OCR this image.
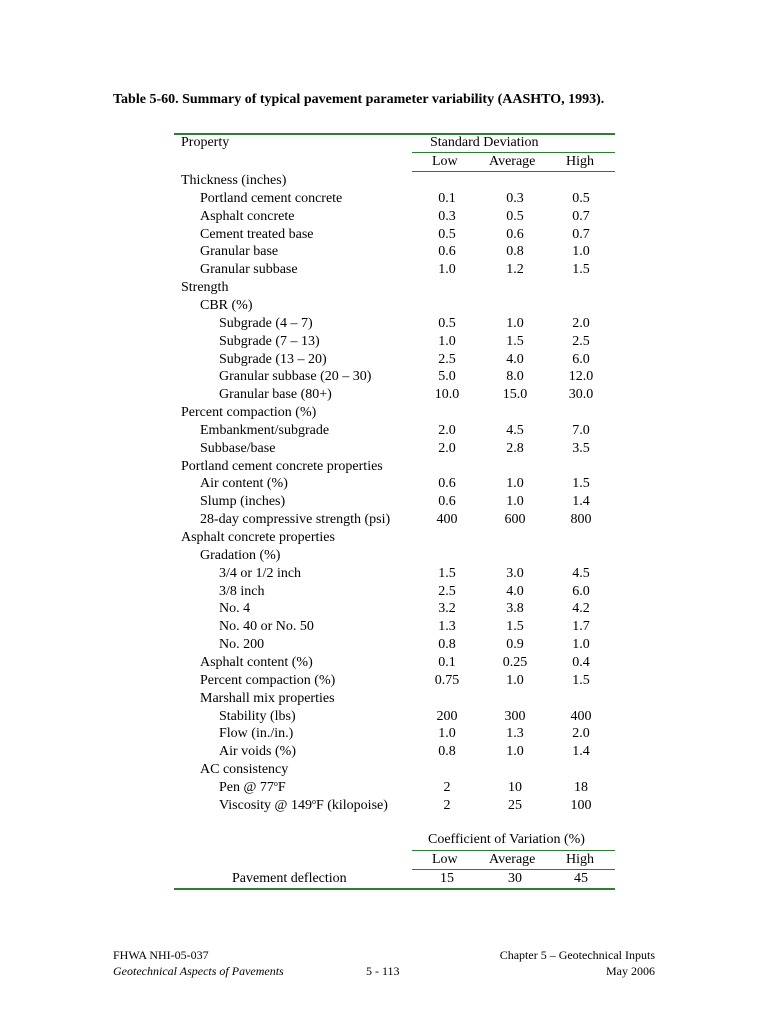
Table 5-60. Summary of typical pavement parameter variability (AASHTO, 1993).
Property	Standard Deviation
Low Average High
Thickness (inches)
Portland cement concrete	0.1	0.3	0.5
Asphalt concrete	0.3	0.5	0.7
Cement treated base	0.5	0.6	0.7
Granular base	0.6	0.8	1.0
Granular subbase	1.0	1.2	1.5
Strength
CBR (%)
Subgrade (4 – 7)	0.5	1.0	2.0
Subgrade (7 – 13)	1.0	1.5	2.5
Subgrade (13 – 20)	2.5	4.0	6.0
Granular subbase (20 – 30)	5.0	8.0	12.0
Granular base (80+)	10.0	15.0	30.0
Percent compaction (%)
Embankment/subgrade	2.0	4.5	7.0
Subbase/base	2.0	2.8	3.5
Portland cement concrete properties
Air content (%)	0.6	1.0	1.5
Slump (inches)	0.6	1.0	1.4
28-day compressive strength (psi)	400	600	800
Asphalt concrete properties
Gradation (%)
3/4 or 1/2 inch	1.5	3.0	4.5
3/8 inch	2.5	4.0	6.0
No. 4	3.2	3.8	4.2
No. 40 or No. 50	1.3	1.5	1.7
No. 200	0.8	0.9	1.0
Asphalt content (%)	0.1	0.25	0.4
Percent compaction (%)	0.75	1.0	1.5
Marshall mix properties
Stability (lbs)	200	300	400
Flow (in./in.)	1.0	1.3	2.0
Air voids (%)	0.8	1.0	1.4
AC consistency
Pen @ 77$^o$F	2	10	18
Viscosity @ 149$^o$F (kilopoise)	2	25	100
Coefficient of Variation (%)
Low Average High
Pavement deflection	15	30	45
FHWA NHI-05-037
Geotechnical Aspects of Pavements	5 - 113
Chapter 5 – Geotechnical Inputs
May 2006
